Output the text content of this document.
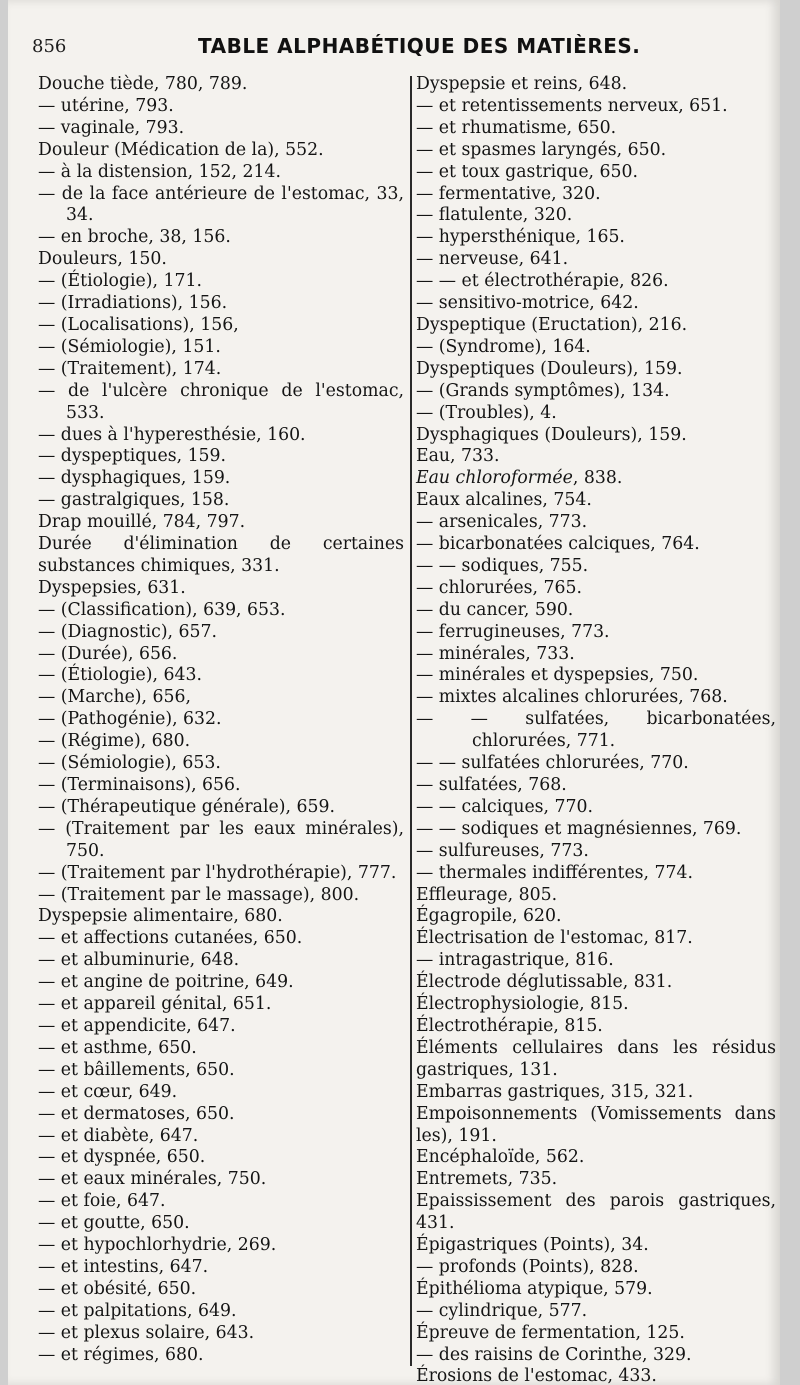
856	TABLE ALPHABÉTIQUE DES MATIÈRES.
Douche tiède, 780, 789.
— utérine, 793.
— vaginale, 793.
Douleur (Médication de la), 552.
— à la distension, 152, 214.
— de la face antérieure de l'estomac, 33, 34.
— en broche, 38, 156.
Douleurs, 150.
— (Étiologie), 171.
— (Irradiations), 156.
— (Localisations), 156,
— (Sémiologie), 151.
— (Traitement), 174.
— de l'ulcère chronique de l'estomac, 533.
— dues à l'hyperesthésie, 160.
— dyspeptiques, 159.
— dysphagiques, 159.
— gastralgiques, 158.
Drap mouillé, 784, 797.
Durée d'élimination de certaines substances chimiques, 331.
Dyspepsies, 631.
— (Classification), 639, 653.
— (Diagnostic), 657.
— (Durée), 656.
— (Étiologie), 643.
— (Marche), 656,
— (Pathogénie), 632.
— (Régime), 680.
— (Sémiologie), 653.
— (Terminaisons), 656.
— (Thérapeutique générale), 659.
— (Traitement par les eaux minérales), 750.
— (Traitement par l'hydrothérapie), 777.
— (Traitement par le massage), 800.
Dyspepsie alimentaire, 680.
— et affections cutanées, 650.
— et albuminurie, 648.
— et angine de poitrine, 649.
— et appareil génital, 651.
— et appendicite, 647.
— et asthme, 650.
— et bâillements, 650.
— et cœur, 649.
— et dermatoses, 650.
— et diabète, 647.
— et dyspnée, 650.
— et eaux minérales, 750.
— et foie, 647.
— et goutte, 650.
— et hypochlorhydrie, 269.
— et intestins, 647.
— et obésité, 650.
— et palpitations, 649.
— et plexus solaire, 643.
— et régimes, 680.
Dyspepsie et reins, 648.
— et retentissements nerveux, 651.
— et rhumatisme, 650.
— et spasmes laryngés, 650.
— et toux gastrique, 650.
— fermentative, 320.
— flatulente, 320.
— hypersthénique, 165.
— nerveuse, 641.
— — et électrothérapie, 826.
— sensitivo-motrice, 642.
Dyspeptique (Eructation), 216.
— (Syndrome), 164.
Dyspeptiques (Douleurs), 159.
— (Grands symptômes), 134.
— (Troubles), 4.
Dysphagiques (Douleurs), 159.
Eau, 733.
Eau chloroformée, 838.
Eaux alcalines, 754.
— arsenicales, 773.
— bicarbonatées calciques, 764.
— — sodiques, 755.
— chlorurées, 765.
— du cancer, 590.
— ferrugineuses, 773.
— minérales, 733.
— minérales et dyspepsies, 750.
— mixtes alcalines chlorurées, 768.
— — sulfatées, bicarbonatées, chlorurées, 771.
— — sulfatées chlorurées, 770.
— sulfatées, 768.
— — calciques, 770.
— — sodiques et magnésiennes, 769.
— sulfureuses, 773.
— thermales indifférentes, 774.
Effleurage, 805.
Égagropile, 620.
Électrisation de l'estomac, 817.
— intragastrique, 816.
Électrode déglutissable, 831.
Électrophysiologie, 815.
Électrothérapie, 815.
Éléments cellulaires dans les résidus gastriques, 131.
Embarras gastriques, 315, 321.
Empoisonnements (Vomissements dans les), 191.
Encéphaloïde, 562.
Entremets, 735.
Epaississement des parois gastriques, 431.
Épigastriques (Points), 34.
— profonds (Points), 828.
Épithélioma atypique, 579.
— cylindrique, 577.
Épreuve de fermentation, 125.
— des raisins de Corinthe, 329.
Érosions de l'estomac, 433.
